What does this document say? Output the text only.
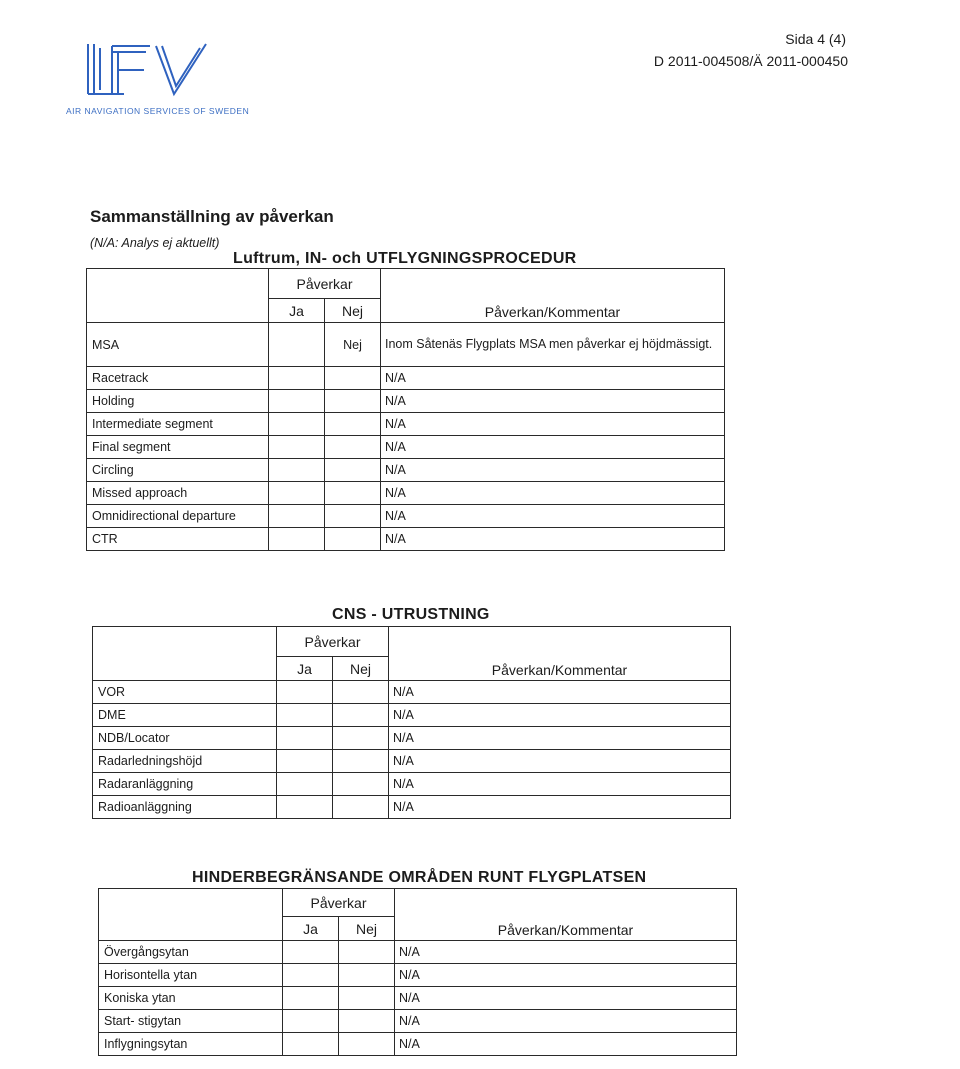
AIR NAVIGATION SERVICES OF SWEDEN
Sida 4 (4)
D 2011-004508/Ä 2011-000450
Sammanställning av påverkan
(N/A: Analys ej aktuellt)
Luftrum, IN- och UTFLYGNINGSPROCEDUR
	Påverkar		Påverkan/Kommentar
	Ja	Nej	
MSA		Nej	Inom Såtenäs Flygplats MSA men påverkar ej höjdmässigt.
Racetrack			N/A
Holding			N/A
Intermediate segment			N/A
Final segment			N/A
Circling			N/A
Missed approach			N/A
Omnidirectional departure			N/A
CTR			N/A
CNS - UTRUSTNING
	Påverkar		Påverkan/Kommentar
	Ja	Nej	
VOR			N/A
DME			N/A
NDB/Locator			N/A
Radarledningshöjd			N/A
Radaranläggning			N/A
Radioanläggning			N/A
HINDERBEGRÄNSANDE OMRÅDEN RUNT FLYGPLATSEN
	Påverkar		Påverkan/Kommentar
	Ja	Nej	
Övergångsytan			N/A
Horisontella ytan			N/A
Koniska ytan			N/A
Start- stigytan			N/A
Inflygningsytan			N/A
